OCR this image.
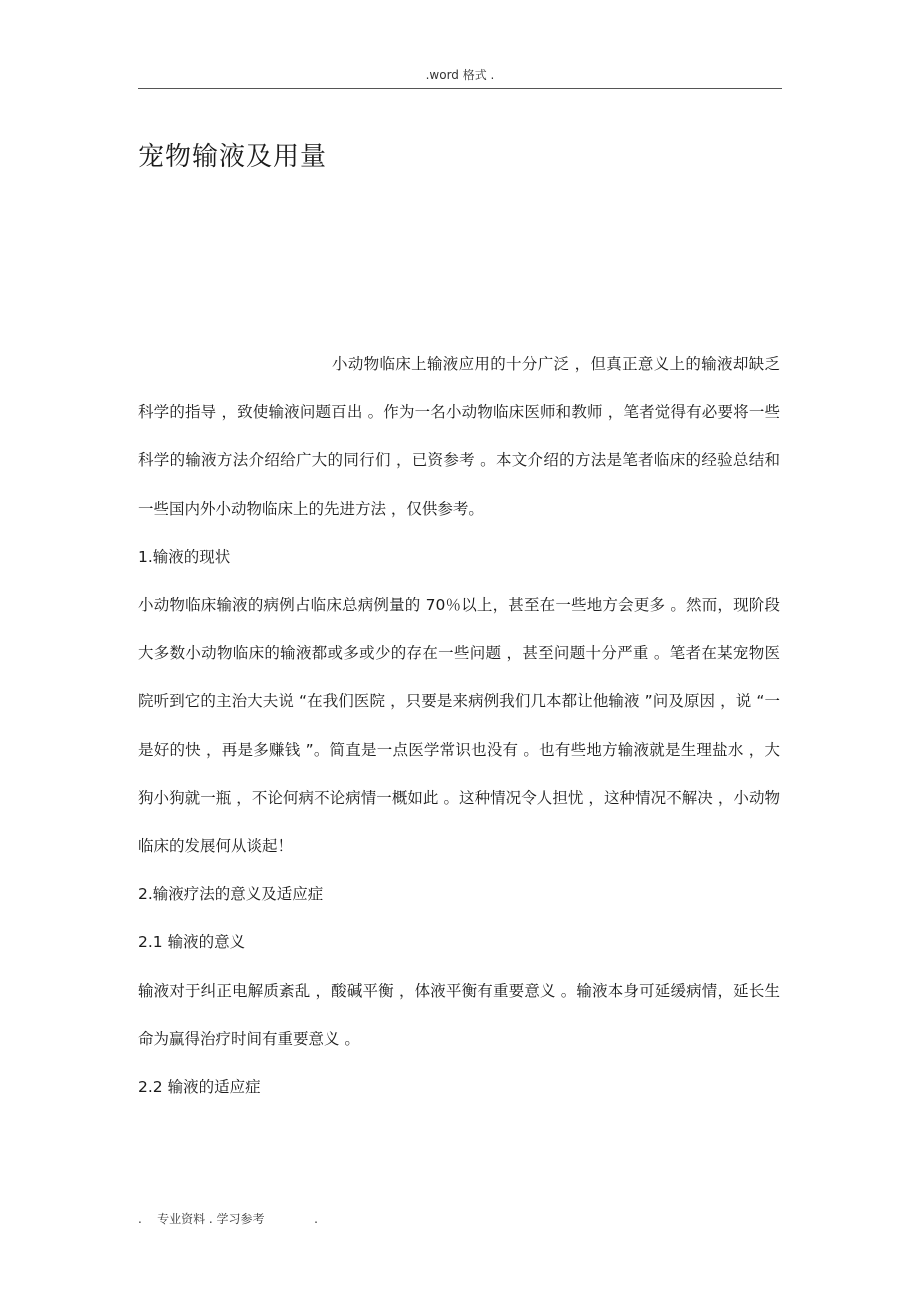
.word 格式 .
宠物输液及用量

小动物临床上输液应用的十分广泛 ，但真正意义上的输液却缺乏科学的指导 ，致使输液问题百出 。作为一名小动物临床医师和教师 ，笔者觉得有必要将一些科学的输液方法介绍给广大的同行们 ，已资参考 。本文介绍的方法是笔者临床的经验总结和一些国内外小动物临床上的先进方法 ，仅供参考。

1.输液的现状

小动物临床输液的病例占临床总病例量的 70％以上，甚至在一些地方会更多 。然而，现阶段大多数小动物临床的输液都或多或少的存在一些问题 ，甚至问题十分严重 。笔者在某宠物医院听到它的主治大夫说 “在我们医院 ，只要是来病例我们几本都让他输液 ”问及原因 ，说 “一是好的快 ，再是多赚钱 ”。简直是一点医学常识也没有 。也有些地方输液就是生理盐水 ，大狗小狗就一瓶 ，不论何病不论病情一概如此 。这种情况令人担忧 ，这种情况不解决 ，小动物临床的发展何从谈起！

2.输液疗法的意义及适应症

2.1 输液的意义

输液对于纠正电解质紊乱 ，酸碱平衡 ，体液平衡有重要意义 。输液本身可延缓病情，延长生命为赢得治疗时间有重要意义 。

2.2 输液的适应症

.    专业资料 . 学习参考             .
